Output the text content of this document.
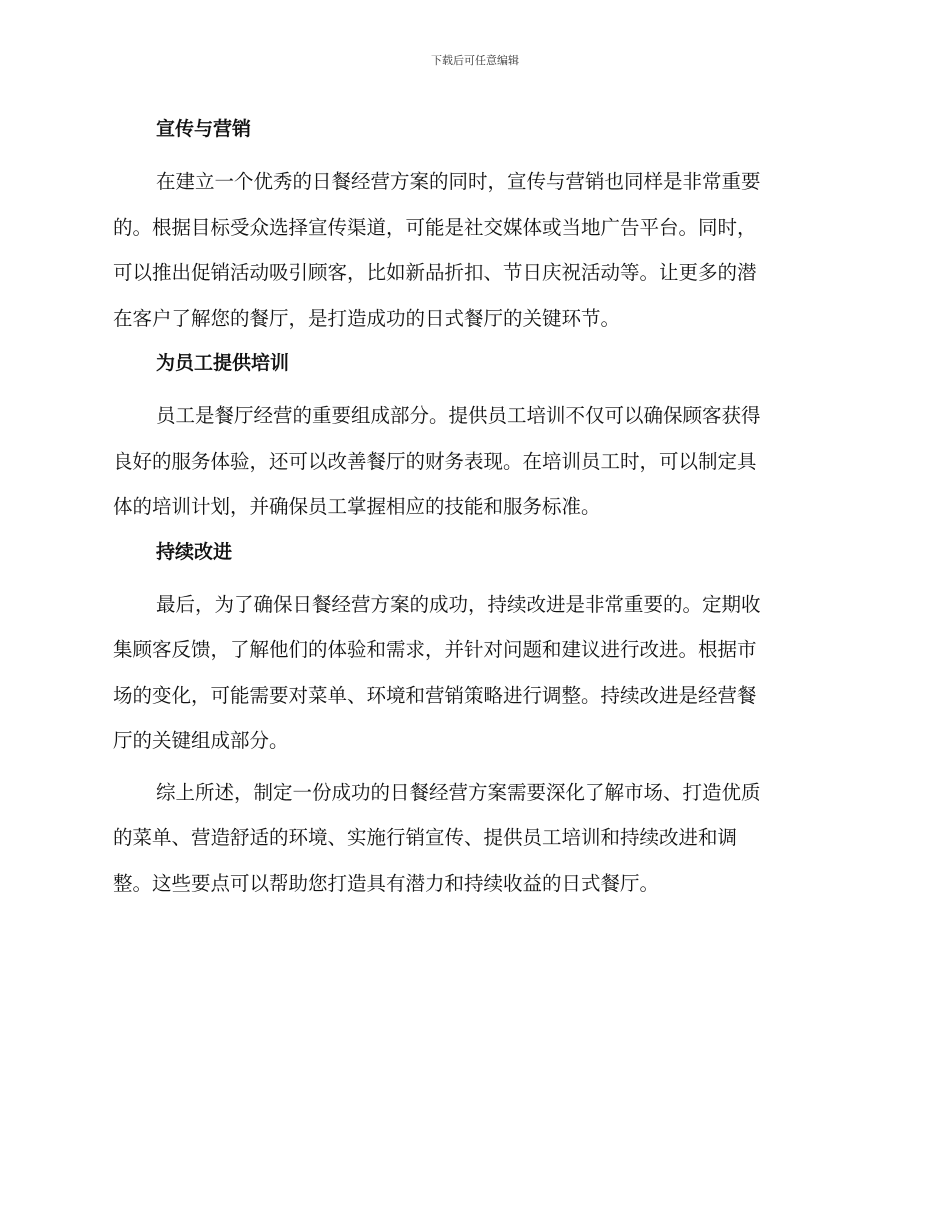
下载后可任意编辑
宣传与营销
在建立一个优秀的日餐经营方案的同时，宣传与营销也同样是非常重要
的。根据目标受众选择宣传渠道，可能是社交媒体或当地广告平台。同时，
可以推出促销活动吸引顾客，比如新品折扣、节日庆祝活动等。让更多的潜
在客户了解您的餐厅，是打造成功的日式餐厅的关键环节。
为员工提供培训
员工是餐厅经营的重要组成部分。提供员工培训不仅可以确保顾客获得
良好的服务体验，还可以改善餐厅的财务表现。在培训员工时，可以制定具
体的培训计划，并确保员工掌握相应的技能和服务标准。
持续改进
最后，为了确保日餐经营方案的成功，持续改进是非常重要的。定期收
集顾客反馈，了解他们的体验和需求，并针对问题和建议进行改进。根据市
场的变化，可能需要对菜单、环境和营销策略进行调整。持续改进是经营餐
厅的关键组成部分。
综上所述，制定一份成功的日餐经营方案需要深化了解市场、打造优质
的菜单、营造舒适的环境、实施行销宣传、提供员工培训和持续改进和调
整。这些要点可以帮助您打造具有潜力和持续收益的日式餐厅。
